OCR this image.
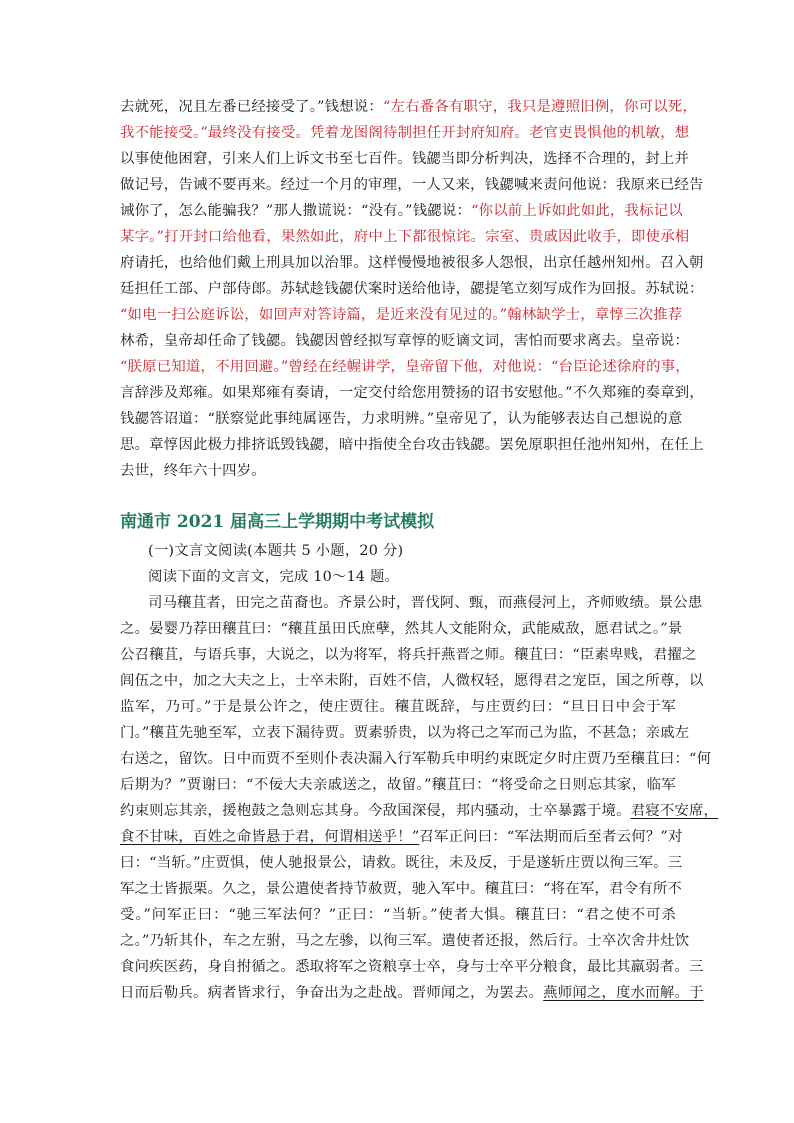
去就死，况且左番已经接受了。”钱想说：“左右番各有职守，我只是遵照旧例，你可以死，
我不能接受。”最终没有接受。凭着龙图阁待制担任开封府知府。老官吏畏惧他的机敏，想
以事使他困窘，引来人们上诉文书至七百件。钱勰当即分析判决，选择不合理的，封上并
做记号，告诫不要再来。经过一个月的审理，一人又来，钱勰喊来责问他说：我原来已经告
诫你了，怎么能骗我？”那人撒谎说：“没有。”钱勰说：“你以前上诉如此如此，我标记以
某字。”打开封口给他看，果然如此，府中上下都很惊诧。宗室、贵戚因此收手，即使承相
府请托，也给他们戴上刑具加以治罪。这样慢慢地被很多人怨恨，出京任越州知州。召入朝
廷担任工部、户部侍郎。苏轼趁钱勰伏案时送给他诗，勰提笔立刻写成作为回报。苏轼说：
“如电一扫公庭诉讼，如回声对答诗篇，是近来没有见过的。”翰林缺学士，章惇三次推荐
林希，皇帝却任命了钱勰。钱勰因曾经拟写章惇的贬谪文词，害怕而要求离去。皇帝说：
“朕原已知道，不用回避。”曾经在经幄讲学，皇帝留下他，对他说：“台臣论述徐府的事，
言辞涉及郑雍。如果郑雍有奏请，一定交付给您用赞扬的诏书安慰他。”不久郑雍的奏章到，
钱勰答诏道：“朕察觉此事纯属诬告，力求明辨。”皇帝见了，认为能够表达自己想说的意
思。章惇因此极力排挤诋毁钱勰，暗中指使全台攻击钱勰。罢免原职担任池州知州，在任上
去世，终年六十四岁。
南通市 2021 届高三上学期期中考试模拟
(一)文言文阅读(本题共 5 小题，20 分)
阅读下面的文言文，完成 10～14 题。
司马穰苴者，田完之苗裔也。齐景公时，晋伐阿、甄，而燕侵河上，齐师败绩。景公患
之。晏婴乃荐田穰苴曰：“穰苴虽田氏庶孽，然其人文能附众，武能威敌，愿君试之。”景
公召穰苴，与语兵事，大说之，以为将军，将兵扞燕晋之师。穰苴曰：“臣素卑贱，君擢之
闾伍之中，加之大夫之上，士卒未附，百姓不信，人微权轻，愿得君之宠臣，国之所尊，以
监军，乃可。”于是景公许之，使庄贾往。穰苴既辞，与庄贾约曰：“旦日日中会于军
门。”穰苴先驰至军，立表下漏待贾。贾素骄贵，以为将己之军而己为监，不甚急；亲戚左
右送之，留饮。日中而贾不至则仆表决漏入行军勒兵申明约束既定夕时庄贾乃至穰苴曰：“何
后期为？”贾谢曰：“不佞大夫亲戚送之，故留。”穰苴曰：“将受命之日则忘其家，临军
约束则忘其亲，援枹鼓之急则忘其身。今敌国深侵，邦内骚动，士卒暴露于境。君寝不安席，
食不甘味，百姓之命皆悬于君，何谓相送乎！”召军正问曰：“军法期而后至者云何？”对
曰：“当斩。”庄贾惧，使人驰报景公，请救。既往，未及反，于是遂斩庄贾以徇三军。三
军之士皆振栗。久之，景公遣使者持节赦贾，驰入军中。穰苴曰：“将在军，君令有所不
受。”问军正曰：“驰三军法何？”正曰：“当斩。”使者大惧。穰苴曰：“君之使不可杀
之。”乃斩其仆，车之左驸，马之左骖，以徇三军。遣使者还报，然后行。士卒次舍井灶饮
食问疾医药，身自拊循之。悉取将军之资粮享士卒，身与士卒平分粮食，最比其羸弱者。三
日而后勒兵。病者皆求行，争奋出为之赴战。晋师闻之，为罢去。燕师闻之，度水而解。于
